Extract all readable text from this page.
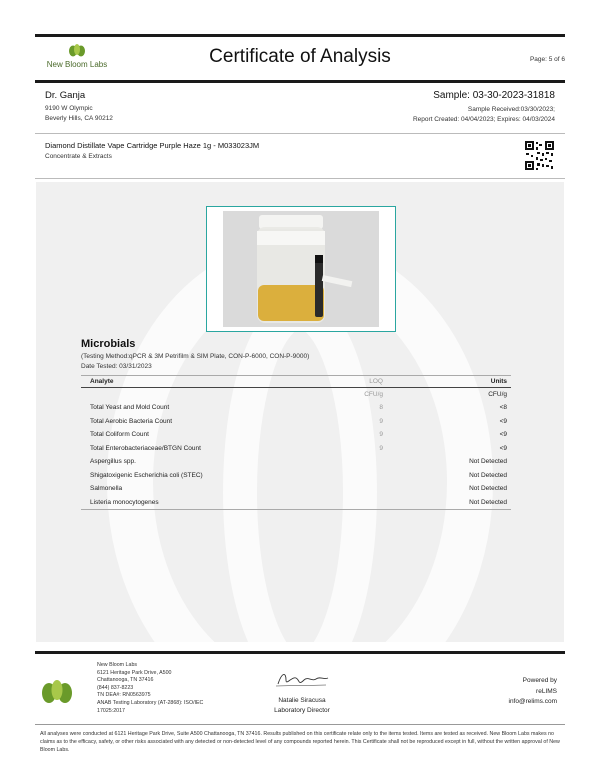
New Bloom Labs	Certificate of Analysis	Page: 5 of 6
Dr. Ganja
9190 W Olympic
Beverly Hills, CA 90212
Sample: 03-30-2023-31818
Sample Received:03/30/2023;
Report Created: 04/04/2023; Expires: 04/03/2024
Diamond Distillate Vape Cartridge Purple Haze 1g - M033023JM
Concentrate & Extracts
Microbials
(Testing Method:qPCR & 3M Petrifilm & SIM Plate, CON-P-6000, CON-P-9000)
Date Tested: 03/31/2023
Analyte	LOQ	Units
	CFU/g	CFU/g
Total Yeast and Mold Count	8	<8
Total Aerobic Bacteria Count	9	<9
Total Coliform Count	9	<9
Total Enterobacteriaceae/BTGN Count	9	<9
Aspergillus spp.		Not Detected
Shigatoxigenic Escherichia coli (STEC)		Not Detected
Salmonella		Not Detected
Listeria monocytogenes		Not Detected
New Bloom Labs
6121 Heritage Park Drive, A500
Chattanooga, TN 37416
(844) 837-8223
TN DEA#: RN0563975
ANAB Testing Laboratory (AT-2868): ISO/IEC
17025:2017
Natalie Siracusa
Laboratory Director
Powered by
reLIMS
info@relims.com
All analyses were conducted at 6121 Heritage Park Drive, Suite A500 Chattanooga, TN 37416. Results published on this certificate relate only to the items tested. Items are tested as received. New Bloom Labs makes no claims as to the efficacy, safety, or other risks associated with any detected or non-detected level of any compounds reported herein. This Certificate shall not be reproduced except in full, without the written approval of New Bloom Labs.
